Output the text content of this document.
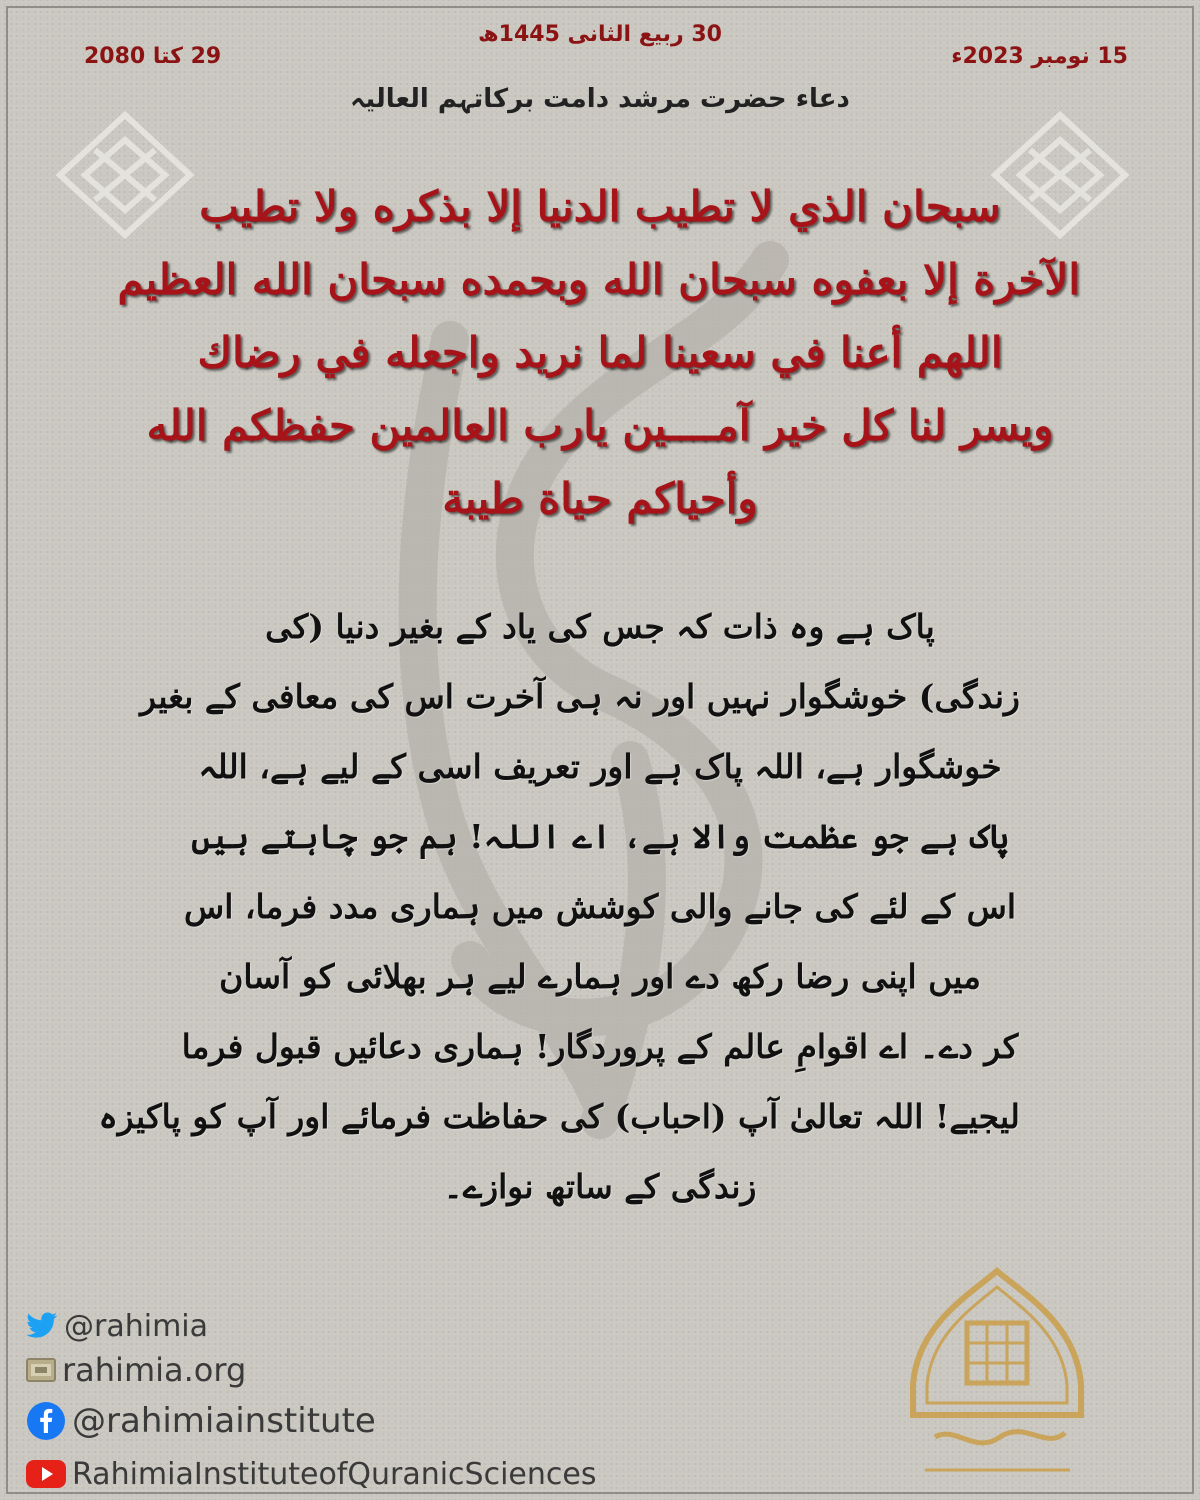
30 ربیع الثانی 1445ھ
15 نومبر 2023ء
29 کتا 2080
دعاء حضرت مرشد دامت برکاتہم العالیہ
سبحان الذي لا تطيب الدنيا إلا بذكره ولا تطيب
الآخرة إلا بعفوه سبحان الله وبحمده سبحان الله العظيم
اللهم أعنا في سعينا لما نريد واجعله في رضاك
ويسر لنا كل خير آمــــين يارب العالمين حفظكم الله
وأحياكم حياة طيبة
پاک ہے وہ ذات کہ جس کی یاد کے بغیر دنیا (کی
زندگی) خوشگوار نہیں اور نہ ہی آخرت اس کی معافی کے بغیر
خوشگوار ہے، اللہ پاک ہے اور تعریف اسی کے لیے ہے، اللہ
پاک ہے جو عظمت والا ہے، اے اللہ! ہم جو چاہتے ہیں
اس کے لئے کی جانے والی کوشش میں ہماری مدد فرما، اس
میں اپنی رضا رکھ دے اور ہمارے لیے ہر بھلائی کو آسان
کر دے۔ اے اقوامِ عالم کے پروردگار! ہماری دعائیں قبول فرما
لیجیے! اللہ تعالیٰ آپ (احباب) کی حفاظت فرمائے اور آپ کو پاکیزہ
زندگی کے ساتھ نوازے۔
@rahimia
rahimia.org
@rahimiainstitute
RahimiaInstituteofQuranicSciences
